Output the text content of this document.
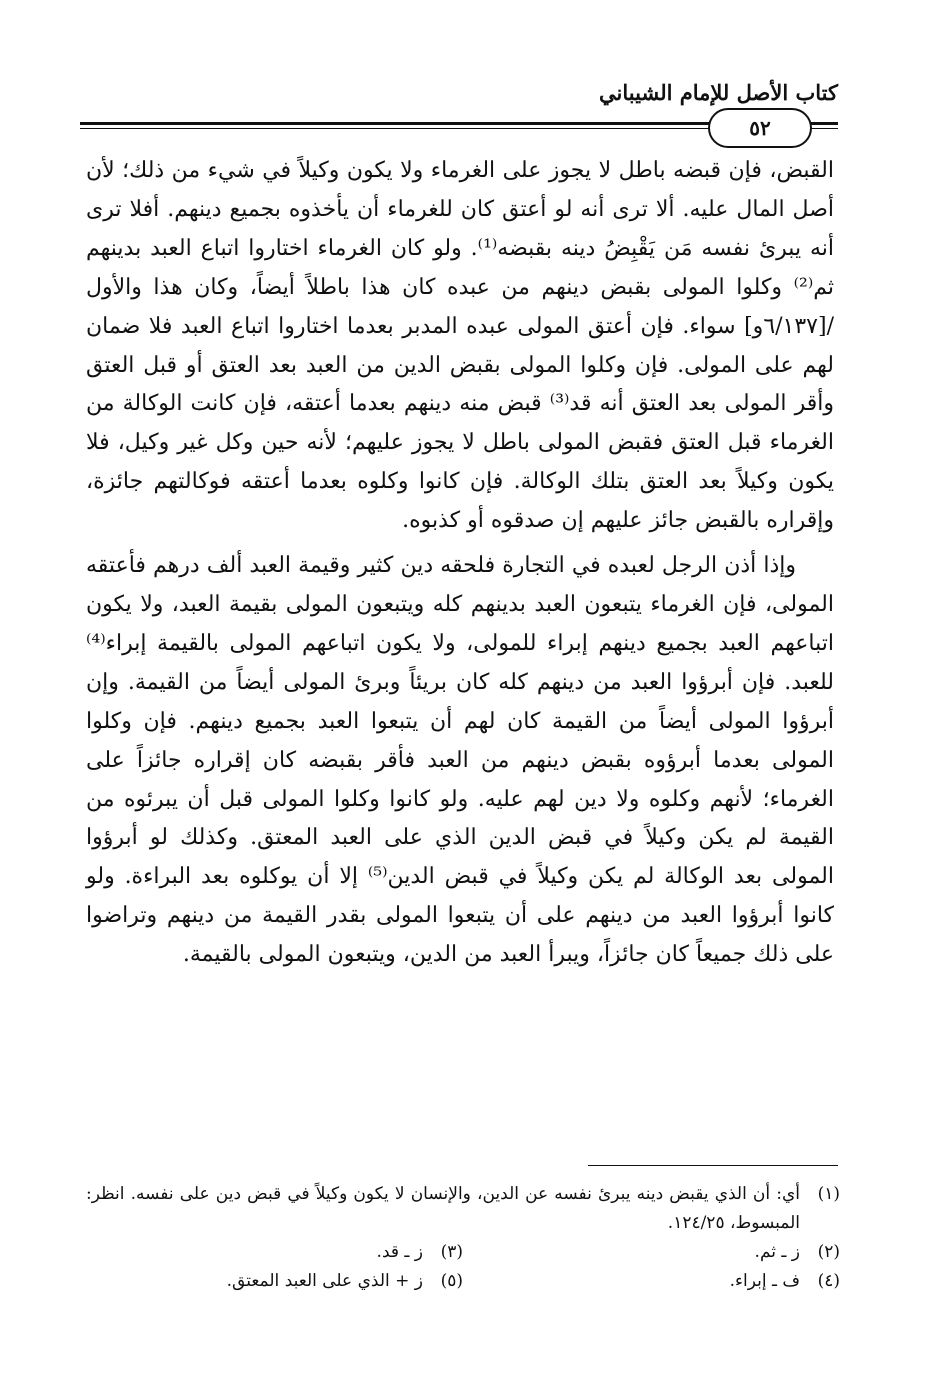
كتاب الأصل للإمام الشيباني
٥٢

القبض، فإن قبضه باطل لا يجوز على الغرماء ولا يكون وكيلاً في شيء من ذلك؛ لأن أصل المال عليه. ألا ترى أنه لو أعتق كان للغرماء أن يأخذوه بجميع دينهم. أفلا ترى أنه يبرئ نفسه مَن يَقْبِضُ دينه بقبضه⁽¹⁾. ولو كان الغرماء اختاروا اتباع العبد بدينهم ثم⁽²⁾ وكلوا المولى بقبض دينهم من عبده كان هذا باطلاً أيضاً، وكان هذا والأول /[٦/١٣٧و] سواء. فإن أعتق المولى عبده المدبر بعدما اختاروا اتباع العبد فلا ضمان لهم على المولى. فإن وكلوا المولى بقبض الدين من العبد بعد العتق أو قبل العتق وأقر المولى بعد العتق أنه قد⁽³⁾ قبض منه دينهم بعدما أعتقه، فإن كانت الوكالة من الغرماء قبل العتق فقبض المولى باطل لا يجوز عليهم؛ لأنه حين وكل غير وكيل، فلا يكون وكيلاً بعد العتق بتلك الوكالة. فإن كانوا وكلوه بعدما أعتقه فوكالتهم جائزة، وإقراره بالقبض جائز عليهم إن صدقوه أو كذبوه.

وإذا أذن الرجل لعبده في التجارة فلحقه دين كثير وقيمة العبد ألف درهم فأعتقه المولى، فإن الغرماء يتبعون العبد بدينهم كله ويتبعون المولى بقيمة العبد، ولا يكون اتباعهم العبد بجميع دينهم إبراء للمولى، ولا يكون اتباعهم المولى بالقيمة إبراء⁽⁴⁾ للعبد. فإن أبرؤوا العبد من دينهم كله كان بريئاً وبرئ المولى أيضاً من القيمة. وإن أبرؤوا المولى أيضاً من القيمة كان لهم أن يتبعوا العبد بجميع دينهم. فإن وكلوا المولى بعدما أبرؤوه بقبض دينهم من العبد فأقر بقبضه كان إقراره جائزاً على الغرماء؛ لأنهم وكلوه ولا دين لهم عليه. ولو كانوا وكلوا المولى قبل أن يبرئوه من القيمة لم يكن وكيلاً في قبض الدين الذي على العبد المعتق. وكذلك لو أبرؤوا المولى بعد الوكالة لم يكن وكيلاً في قبض الدين⁽⁵⁾ إلا أن يوكلوه بعد البراءة. ولو كانوا أبرؤوا العبد من دينهم على أن يتبعوا المولى بقدر القيمة من دينهم وتراضوا على ذلك جميعاً كان جائزاً، ويبرأ العبد من الدين، ويتبعون المولى بالقيمة.

(١)
أي: أن الذي يقبض دينه يبرئ نفسه عن الدين، والإنسان لا يكون وكيلاً في قبض دين على نفسه. انظر: المبسوط، ١٢٤/٢٥.
(٢)
ز ـ ثم.
(٣)
ز ـ قد.
(٤)
ف ـ إبراء.
(٥)
ز + الذي على العبد المعتق.
